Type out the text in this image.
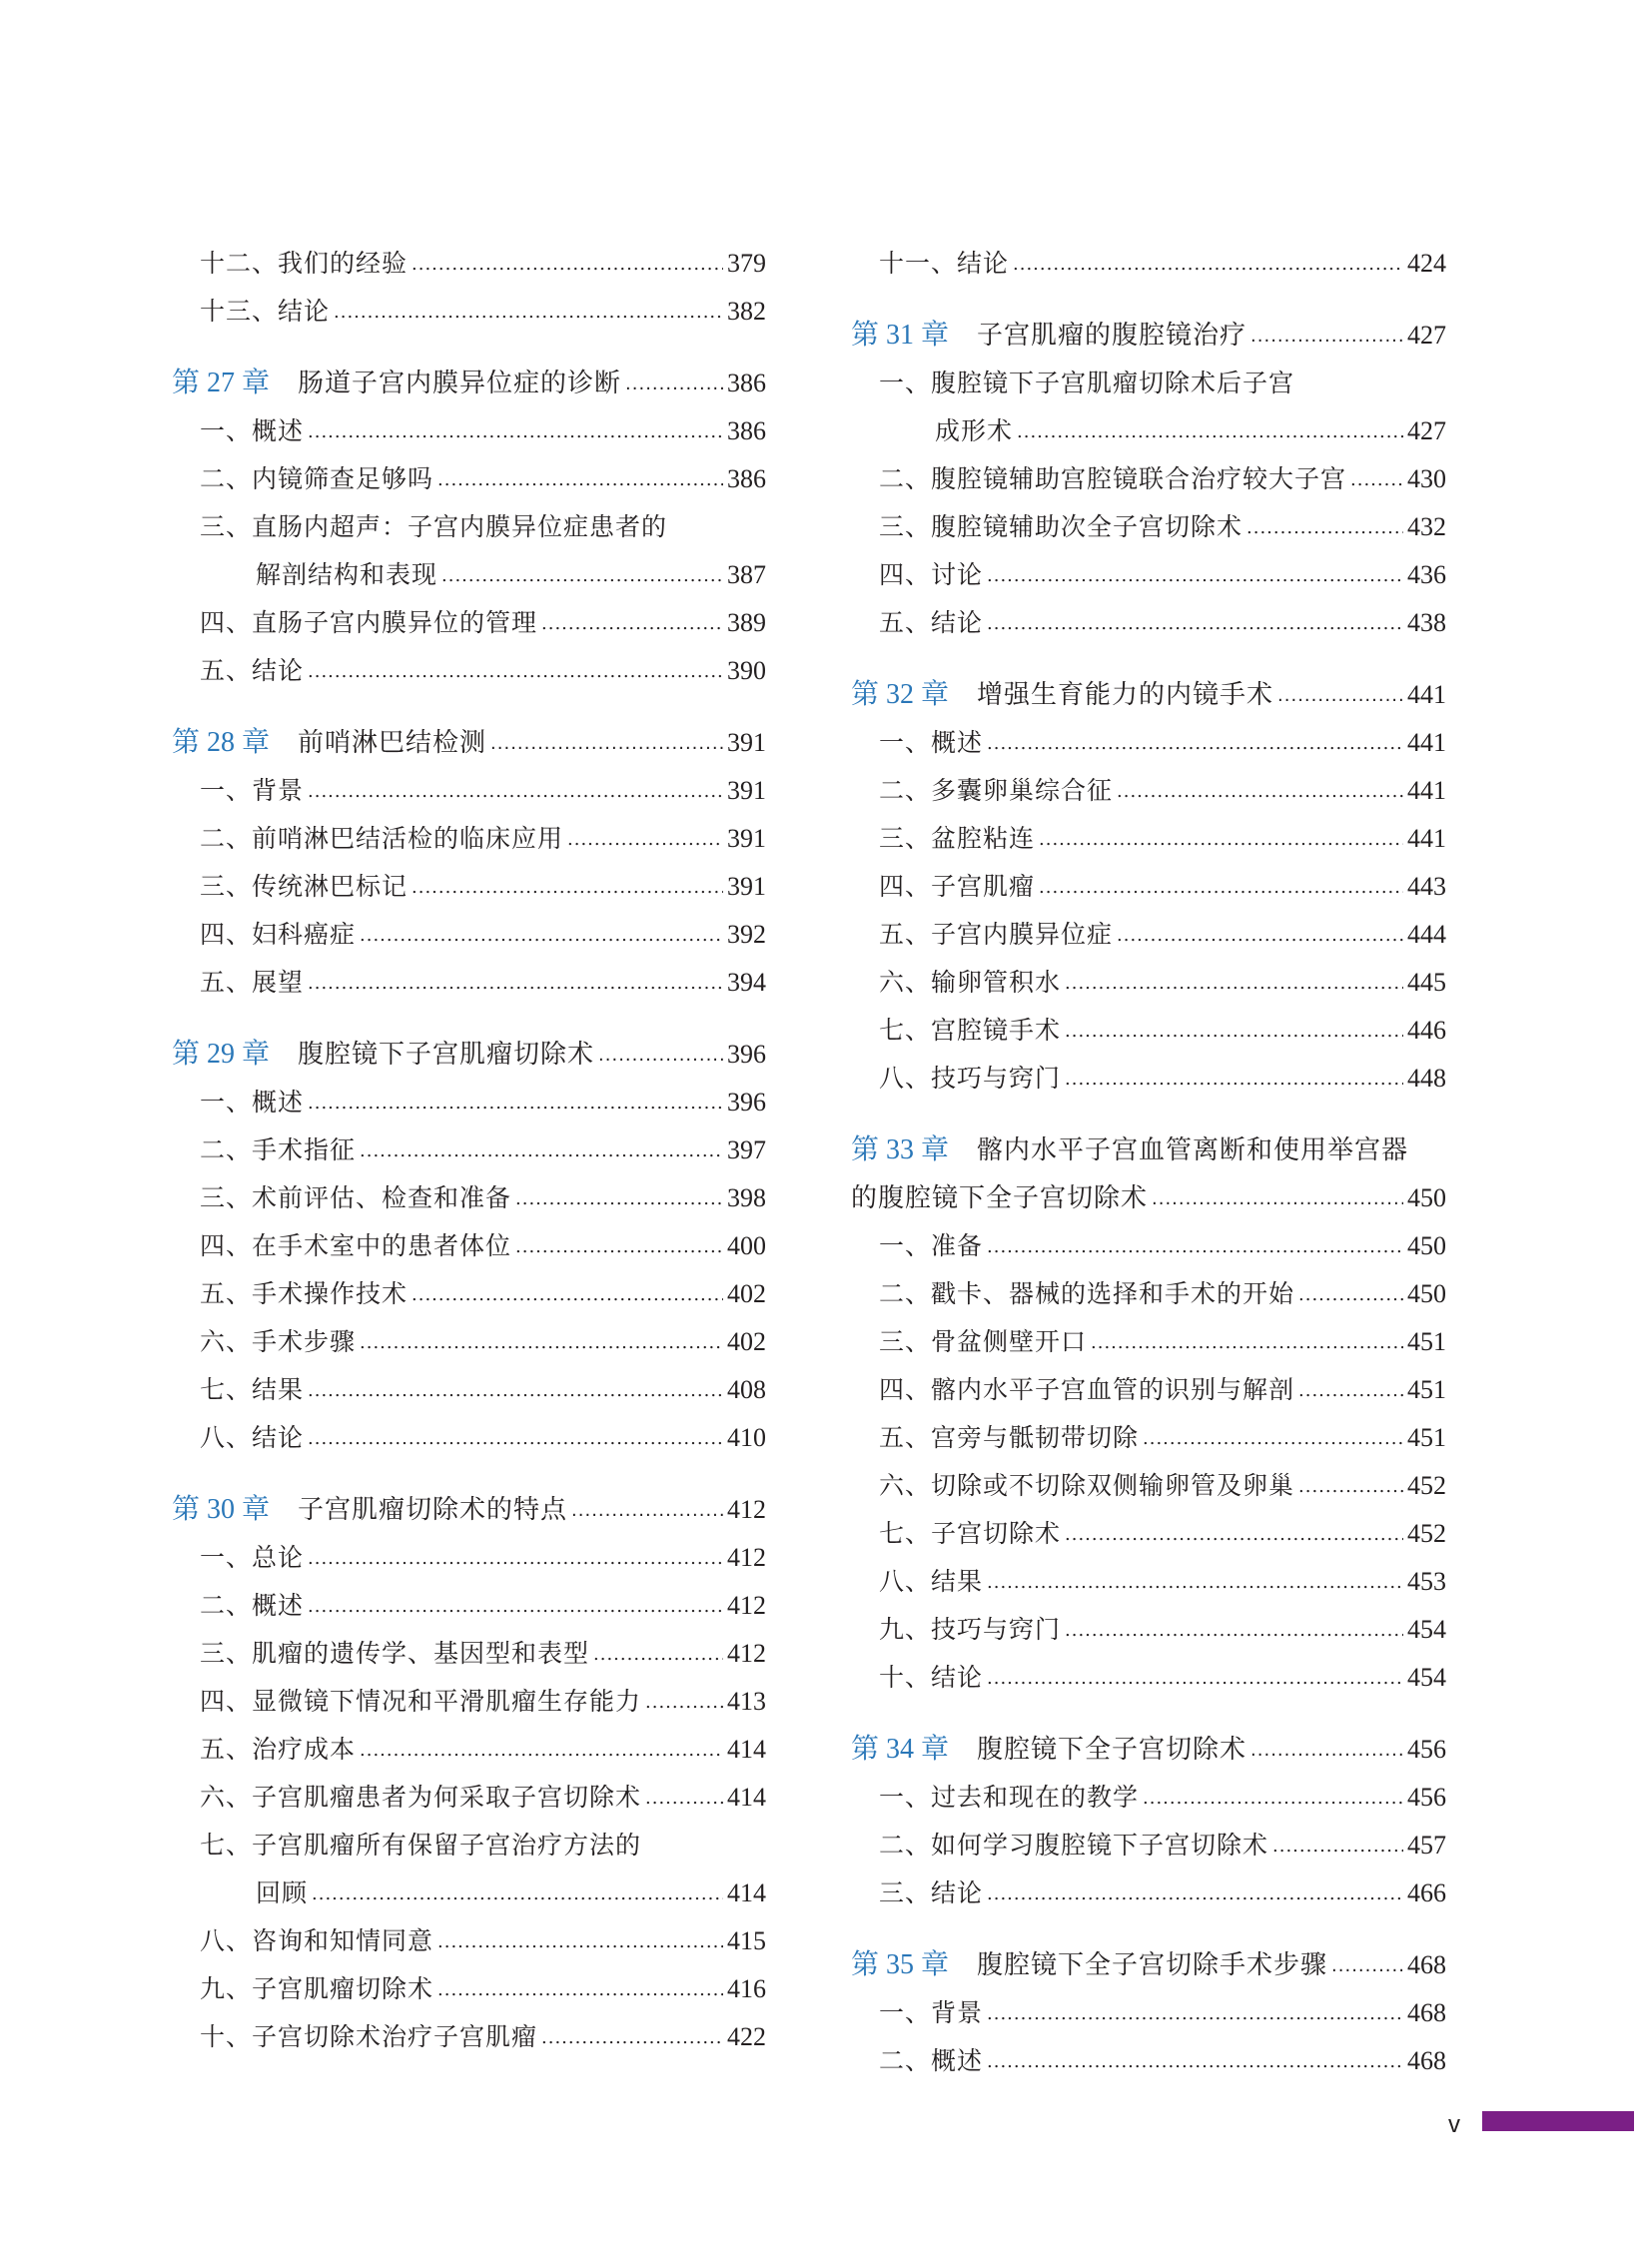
十二、我们的经验 .....	379
十三、结论 .....	382
第 27 章 肠道子宫内膜异位症的诊断 .....	386
一、概述 .....	386
二、内镜筛查足够吗 .....	386
三、直肠内超声：子宫内膜异位症患者的
解剖结构和表现 .....	387
四、直肠子宫内膜异位的管理 .....	389
五、结论 .....	390
第 28 章 前哨淋巴结检测 .....	391
一、背景 .....	391
二、前哨淋巴结活检的临床应用 .....	391
三、传统淋巴标记 .....	391
四、妇科癌症 .....	392
五、展望 .....	394
第 29 章 腹腔镜下子宫肌瘤切除术 .....	396
一、概述 .....	396
二、手术指征 .....	397
三、术前评估、检查和准备 .....	398
四、在手术室中的患者体位 .....	400
五、手术操作技术 .....	402
六、手术步骤 .....	402
七、结果 .....	408
八、结论 .....	410
第 30 章 子宫肌瘤切除术的特点 .....	412
一、总论 .....	412
二、概述 .....	412
三、肌瘤的遗传学、基因型和表型 .....	412
四、显微镜下情况和平滑肌瘤生存能力 .....	413
五、治疗成本 .....	414
六、子宫肌瘤患者为何采取子宫切除术 .....	414
七、子宫肌瘤所有保留子宫治疗方法的
回顾 .....	414
八、咨询和知情同意 .....	415
九、子宫肌瘤切除术 .....	416
十、子宫切除术治疗子宫肌瘤 .....	422
十一、结论 .....	424
第 31 章 子宫肌瘤的腹腔镜治疗 .....	427
一、腹腔镜下子宫肌瘤切除术后子宫
成形术 .....	427
二、腹腔镜辅助宫腔镜联合治疗较大子宫 ..... 430
三、腹腔镜辅助次全子宫切除术 .....	432
四、讨论 .....	436
五、结论 .....	438
第 32 章 增强生育能力的内镜手术 .....	441
一、概述 .....	441
二、多囊卵巢综合征 .....	441
三、盆腔粘连 .....	441
四、子宫肌瘤 .....	443
五、子宫内膜异位症 .....	444
六、输卵管积水 .....	445
七、宫腔镜手术 .....	446
八、技巧与窍门 .....	448
第 33 章 髂内水平子宫血管离断和使用举宫器
的腹腔镜下全子宫切除术 .....	450
一、准备 .....	450
二、戳卡、器械的选择和手术的开始 .....	450
三、骨盆侧壁开口 .....	451
四、髂内水平子宫血管的识别与解剖 .....	451
五、宫旁与骶韧带切除 .....	451
六、切除或不切除双侧输卵管及卵巢 .....	452
七、子宫切除术 .....	452
八、结果 .....	453
九、技巧与窍门 .....	454
十、结论 .....	454
第 34 章 腹腔镜下全子宫切除术 .....	456
一、过去和现在的教学 .....	456
二、如何学习腹腔镜下子宫切除术 .....	457
三、结论 .....	466
第 35 章 腹腔镜下全子宫切除手术步骤 .....	468
一、背景 .....	468
二、概述 .....	468
v
